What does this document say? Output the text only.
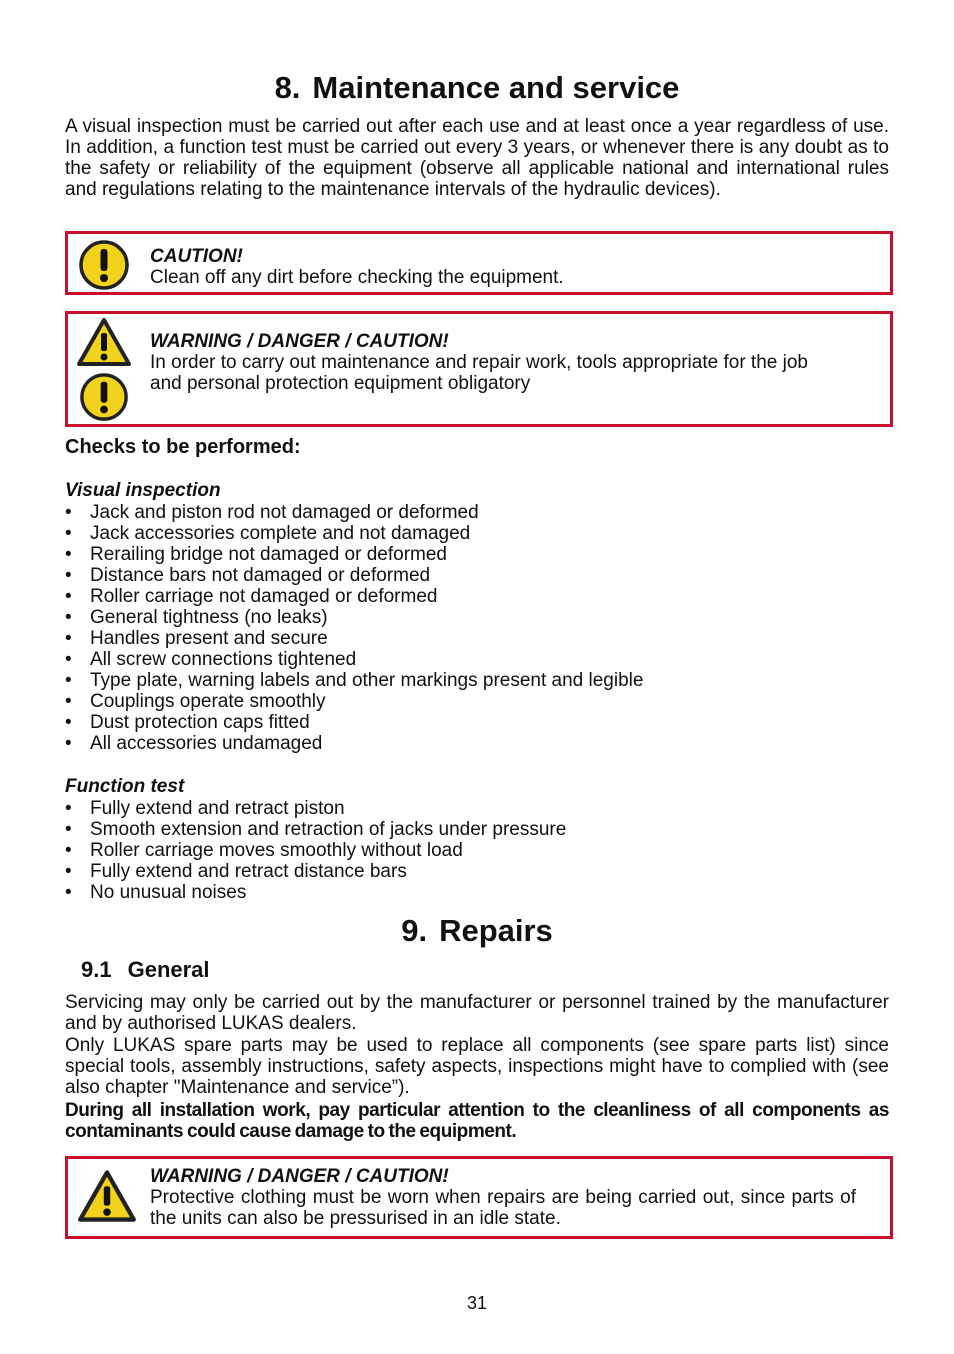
8. Maintenance and service

A visual inspection must be carried out after each use and at least once a year regardless of use. In addition, a function test must be carried out every 3 years, or whenever there is any doubt as to the safety or reliability of the equipment (observe all applicable national and international rules and regulations relating to the maintenance intervals of the hydraulic devices).

CAUTION!
Clean off any dirt before checking the equipment.
WARNING / DANGER / CAUTION!
In order to carry out maintenance and repair work, tools appropriate for the job
and personal protection equipment obligatory
Checks to be performed:
Visual inspection
• Jack and piston rod not damaged or deformed
• Jack accessories complete and not damaged
• Rerailing bridge not damaged or deformed
• Distance bars not damaged or deformed
• Roller carriage not damaged or deformed
• General tightness (no leaks)
• Handles present and secure
• All screw connections tightened
• Type plate, warning labels and other markings present and legible
• Couplings operate smoothly
• Dust protection caps fitted
• All accessories undamaged
Function test
• Fully extend and retract piston
• Smooth extension and retraction of jacks under pressure
• Roller carriage moves smoothly without load
• Fully extend and retract distance bars
• No unusual noises
9. Repairs
9.1 General

Servicing may only be carried out by the manufacturer or personnel trained by the manufacturer and by authorised LUKAS dealers.

Only LUKAS spare parts may be used to replace all components (see spare parts list) since special tools, assembly instructions, safety aspects, inspections might have to complied with (see also chapter "Maintenance and service”).

During all installation work, pay particular attention to the cleanliness of all components as contaminants could cause damage to the equipment.

WARNING / DANGER / CAUTION!
Protective clothing must be worn when repairs are being carried out, since parts of the units can also be pressurised in an idle state.
31
